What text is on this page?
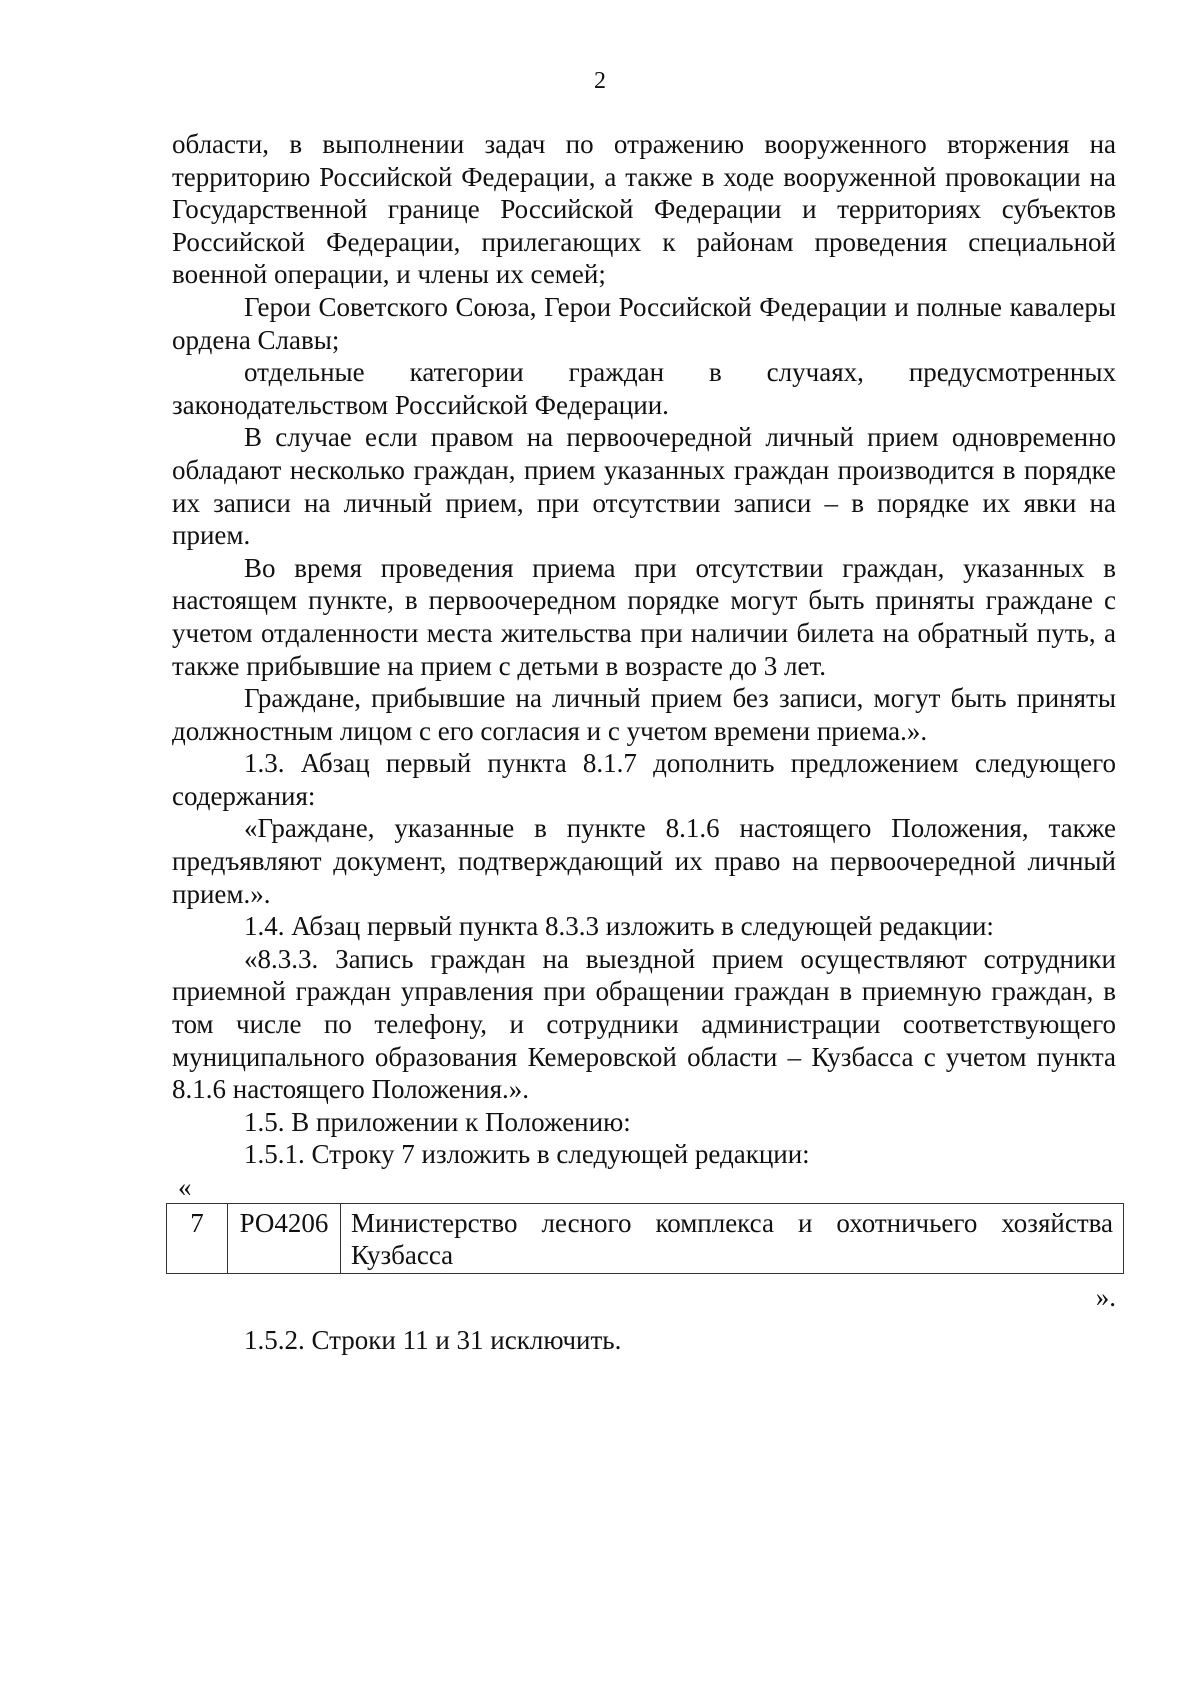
2

области, в выполнении задач по отражению вооруженного вторжения на территорию Российской Федерации, а также в ходе вооруженной провокации на Государственной границе Российской Федерации и территориях субъектов Российской Федерации, прилегающих к районам проведения специальной военной операции, и члены их семей;

Герои Советского Союза, Герои Российской Федерации и полные кавалеры ордена Славы;

отдельные категории граждан в случаях, предусмотренных законодательством Российской Федерации.

В случае если правом на первоочередной личный прием одновременно обладают несколько граждан, прием указанных граждан производится в порядке их записи на личный прием, при отсутствии записи – в порядке их явки на прием.

Во время проведения приема при отсутствии граждан, указанных в настоящем пункте, в первоочередном порядке могут быть приняты граждане с учетом отдаленности места жительства при наличии билета на обратный путь, а также прибывшие на прием с детьми в возрасте до 3 лет.

Граждане, прибывшие на личный прием без записи, могут быть приняты должностным лицом с его согласия и с учетом времени приема.».

1.3. Абзац первый пункта 8.1.7 дополнить предложением следующего содержания:

«Граждане, указанные в пункте 8.1.6 настоящего Положения, также предъявляют документ, подтверждающий их право на первоочередной личный прием.».

1.4. Абзац первый пункта 8.3.3 изложить в следующей редакции:

«8.3.3. Запись граждан на выездной прием осуществляют сотрудники приемной граждан управления при обращении граждан в приемную граждан, в том числе по телефону, и сотрудники администрации соответствующего муниципального образования Кемеровской области – Кузбасса с учетом пункта 8.1.6 настоящего Положения.».

1.5. В приложении к Положению:

1.5.1. Строку 7 изложить в следующей редакции:

«

7	РО4206	Министерство лесного комплекса и охотничьего хозяйства Кузбасса

».

1.5.2. Строки 11 и 31 исключить.
